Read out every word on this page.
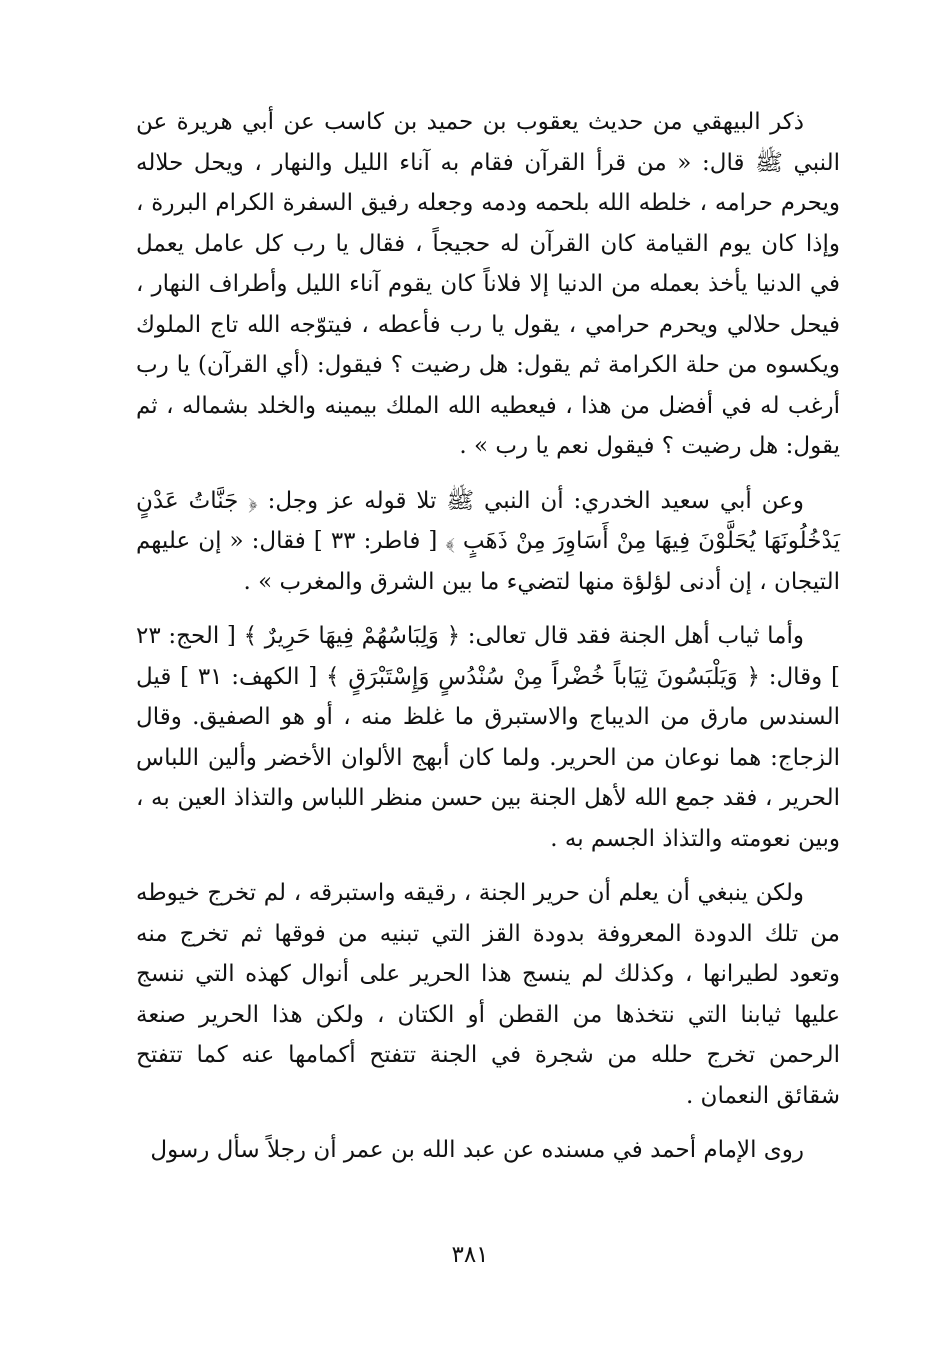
ذكر البيهقي من حديث يعقوب بن حميد بن كاسب عن أبي هريرة عن النبي ﷺ قال: « من قرأ القرآن فقام به آناء الليل والنهار ، ويحل حلاله ويحرم حرامه ، خلطه الله بلحمه ودمه وجعله رفيق السفرة الكرام البررة ، وإذا كان يوم القيامة كان القرآن له حجيجاً ، فقال يا رب كل عامل يعمل في الدنيا يأخذ بعمله من الدنيا إلا فلاناً كان يقوم آناء الليل وأطراف النهار ، فيحل حلالي ويحرم حرامي ، يقول يا رب فأعطه ، فيتوّجه الله تاج الملوك ويكسوه من حلة الكرامة ثم يقول: هل رضيت ؟ فيقول: (أي القرآن) يا رب أرغب له في أفضل من هذا ، فيعطيه الله الملك بيمينه والخلد بشماله ، ثم يقول: هل رضيت ؟ فيقول نعم يا رب » .

وعن أبي سعيد الخدري: أن النبي ﷺ تلا قوله عز وجل: ﴿ جَنَّاتُ عَدْنٍ يَدْخُلُونَهَا يُحَلَّوْنَ فِيهَا مِنْ أَسَاوِرَ مِنْ ذَهَبٍ ﴾ [ فاطر: ٣٣ ] فقال: « إن عليهم التيجان ، إن أدنى لؤلؤة منها لتضيء ما بين الشرق والمغرب » .

وأما ثياب أهل الجنة فقد قال تعالى: ﴿ وَلِبَاسُهُمْ فِيهَا حَرِيرٌ ﴾ [ الحج: ٢٣ ] وقال: ﴿ وَيَلْبَسُونَ ثِيَاباً خُضْراً مِنْ سُنْدُسٍ وَإِسْتَبْرَقٍ ﴾ [ الكهف: ٣١ ] قيل السندس مارق من الديباج والاستبرق ما غلظ منه ، أو هو الصفيق. وقال الزجاج: هما نوعان من الحرير. ولما كان أبهج الألوان الأخضر وألين اللباس الحرير ، فقد جمع الله لأهل الجنة بين حسن منظر اللباس والتذاذ العين به ، وبين نعومته والتذاذ الجسم به .

ولكن ينبغي أن يعلم أن حرير الجنة ، رقيقه واستبرقه ، لم تخرج خيوطه من تلك الدودة المعروفة بدودة القز التي تبنيه من فوقها ثم تخرج منه وتعود لطيرانها ، وكذلك لم ينسج هذا الحرير على أنوال كهذه التي ننسج عليها ثيابنا التي نتخذها من القطن أو الكتان ، ولكن هذا الحرير صنعة الرحمن تخرج حلله من شجرة في الجنة تتفتح أكمامها عنه كما تتفتح شقائق النعمان .

روى الإمام أحمد في مسنده عن عبد الله بن عمر أن رجلاً سأل رسول

٣٨١
